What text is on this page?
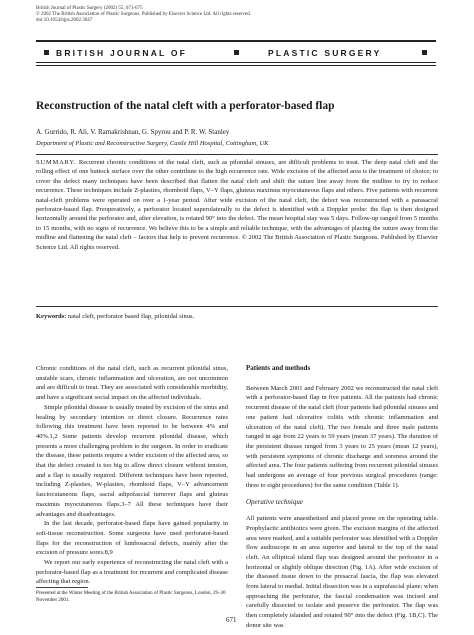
British Journal of Plastic Surgery (2002) 55, 671-675
© 2002 The British Association of Plastic Surgeons. Published by Elsevier Science Ltd. All rights reserved.
doi:10.1054/bjps.2002.3947
BRITISH JOURNAL OF	PLASTIC SURGERY
Reconstruction of the natal cleft with a perforator-based flap
A. Gurrido, R. Ali, V. Ramakrishnan, G. Spyrou and P. R. W. Stanley
Department of Plastic and Reconstructive Surgery, Castle Hill Hospital, Cottingham, UK
SUMMARY. Recurrent chronic conditions of the natal cleft, such as pilonidal sinuses, are difficult problems to treat. The deep natal cleft and the rolling effect of one buttock surface over the other contribute to the high recurrence rate. Wide excision of the affected area is the treatment of choice; to cover the defect many techniques have been described that flatten the natal cleft and shift the suture line away from the midline to try to reduce recurrence. These techniques include Z-plasties, rhomboid flaps, V–Y flaps, gluteus maximus myocutaneous flaps and others. Five patients with recurrent natal-cleft problems were operated on over a 1-year period. After wide excision of the natal cleft, the defect was reconstructed with a parasacral perforator-based flap. Preoperatively, a perforator located superolaterally to the defect is identified with a Doppler probe: the flap is then designed horizontally around the perforator and, after elevation, is rotated 90° into the defect. The mean hospital stay was 5 days. Follow-up ranged from 5 months to 15 months, with no signs of recurrence. We believe this to be a simple and reliable technique, with the advantages of placing the suture away from the midline and flattening the natal cleft – factors that help to prevent recurrence. © 2002 The British Association of Plastic Surgeons. Published by Elsevier Science Ltd. All rights reserved.
Keywords: natal cleft, perforator based flap, pilonidal sinus.

Chronic conditions of the natal cleft, such as recurrent pilonidal sinus, unstable scars, chronic inflammation and ulceration, are not uncommon and are difficult to treat. They are associated with considerable morbidity, and have a significant social impact on the affected individuals.

Simple pilonidal disease is usually treated by excision of the sinus and healing by secondary intention or direct closure. Recurrence rates following this treatment have been reported to be between 4% and 40%.1,2 Some patients develop recurrent pilonidal disease, which presents a more challenging problem to the surgeon. In order to eradicate the disease, these patients require a wider excision of the affected area, so that the defect created is too big to allow direct closure without tension, and a flap is usually required. Different techniques have been reported, including Z-plasties, W-plasties, rhomboid flaps, V–Y advancement fasciocutaneous flaps, sacral adipofascial turnover flaps and gluteus maximus myocutaneous flaps.3–7 All these techniques have their advantages and disadvantages.

In the last decade, perforator-based flaps have gained popularity in soft-tissue reconstruction. Some surgeons have used perforator-based flaps for the reconstruction of lumbosacral defects, mainly after the excision of pressure sores.8,9

We report our early experience of reconstructing the natal cleft with a perforator-based flap as a treatment for recurrent and complicated disease affecting that region.

Patients and methods

Between March 2001 and February 2002 we reconstructed the natal cleft with a perforator-based flap in five patients. All the patients had chronic recurrent disease of the natal cleft (four patients had pilonidal sinuses and one patient had ulcerative colitis with chronic inflammation and ulceration of the natal cleft). The two female and three male patients ranged in age from 22 years to 59 years (mean 37 years). The duration of the persistent disease ranged from 3 years to 25 years (mean 12 years), with persistent symptoms of chronic discharge and soreness around the affected area. The four patients suffering from recurrent pilonidal sinuses had undergone an average of four previous surgical procedures (range: three to eight procedures) for the same condition (Table 1).

Operative technique

All patients were anaesthetised and placed prone on the operating table. Prophylactic antibiotics were given. The excision margins of the affected area were marked, and a suitable perforator was identified with a Doppler flow audioscope in an area superior and lateral to the top of the natal cleft. An elliptical island flap was designed around the perforator in a horizontal or slightly oblique direction (Fig. 1A). After wide excision of the diseased tissue down to the presacral fascia, the flap was elevated from lateral to medial. Initial dissection was in a suprafascial plane; when approaching the perforator, the fascial condensation was incised and carefully dissected to isolate and preserve the perforator. The flap was then completely islanded and rotated 90° into the defect (Fig. 1B,C). The donor site was

Presented at the Winter Meeting of the British Association of Plastic Surgeons, London, 29–30 November 2001.
671
